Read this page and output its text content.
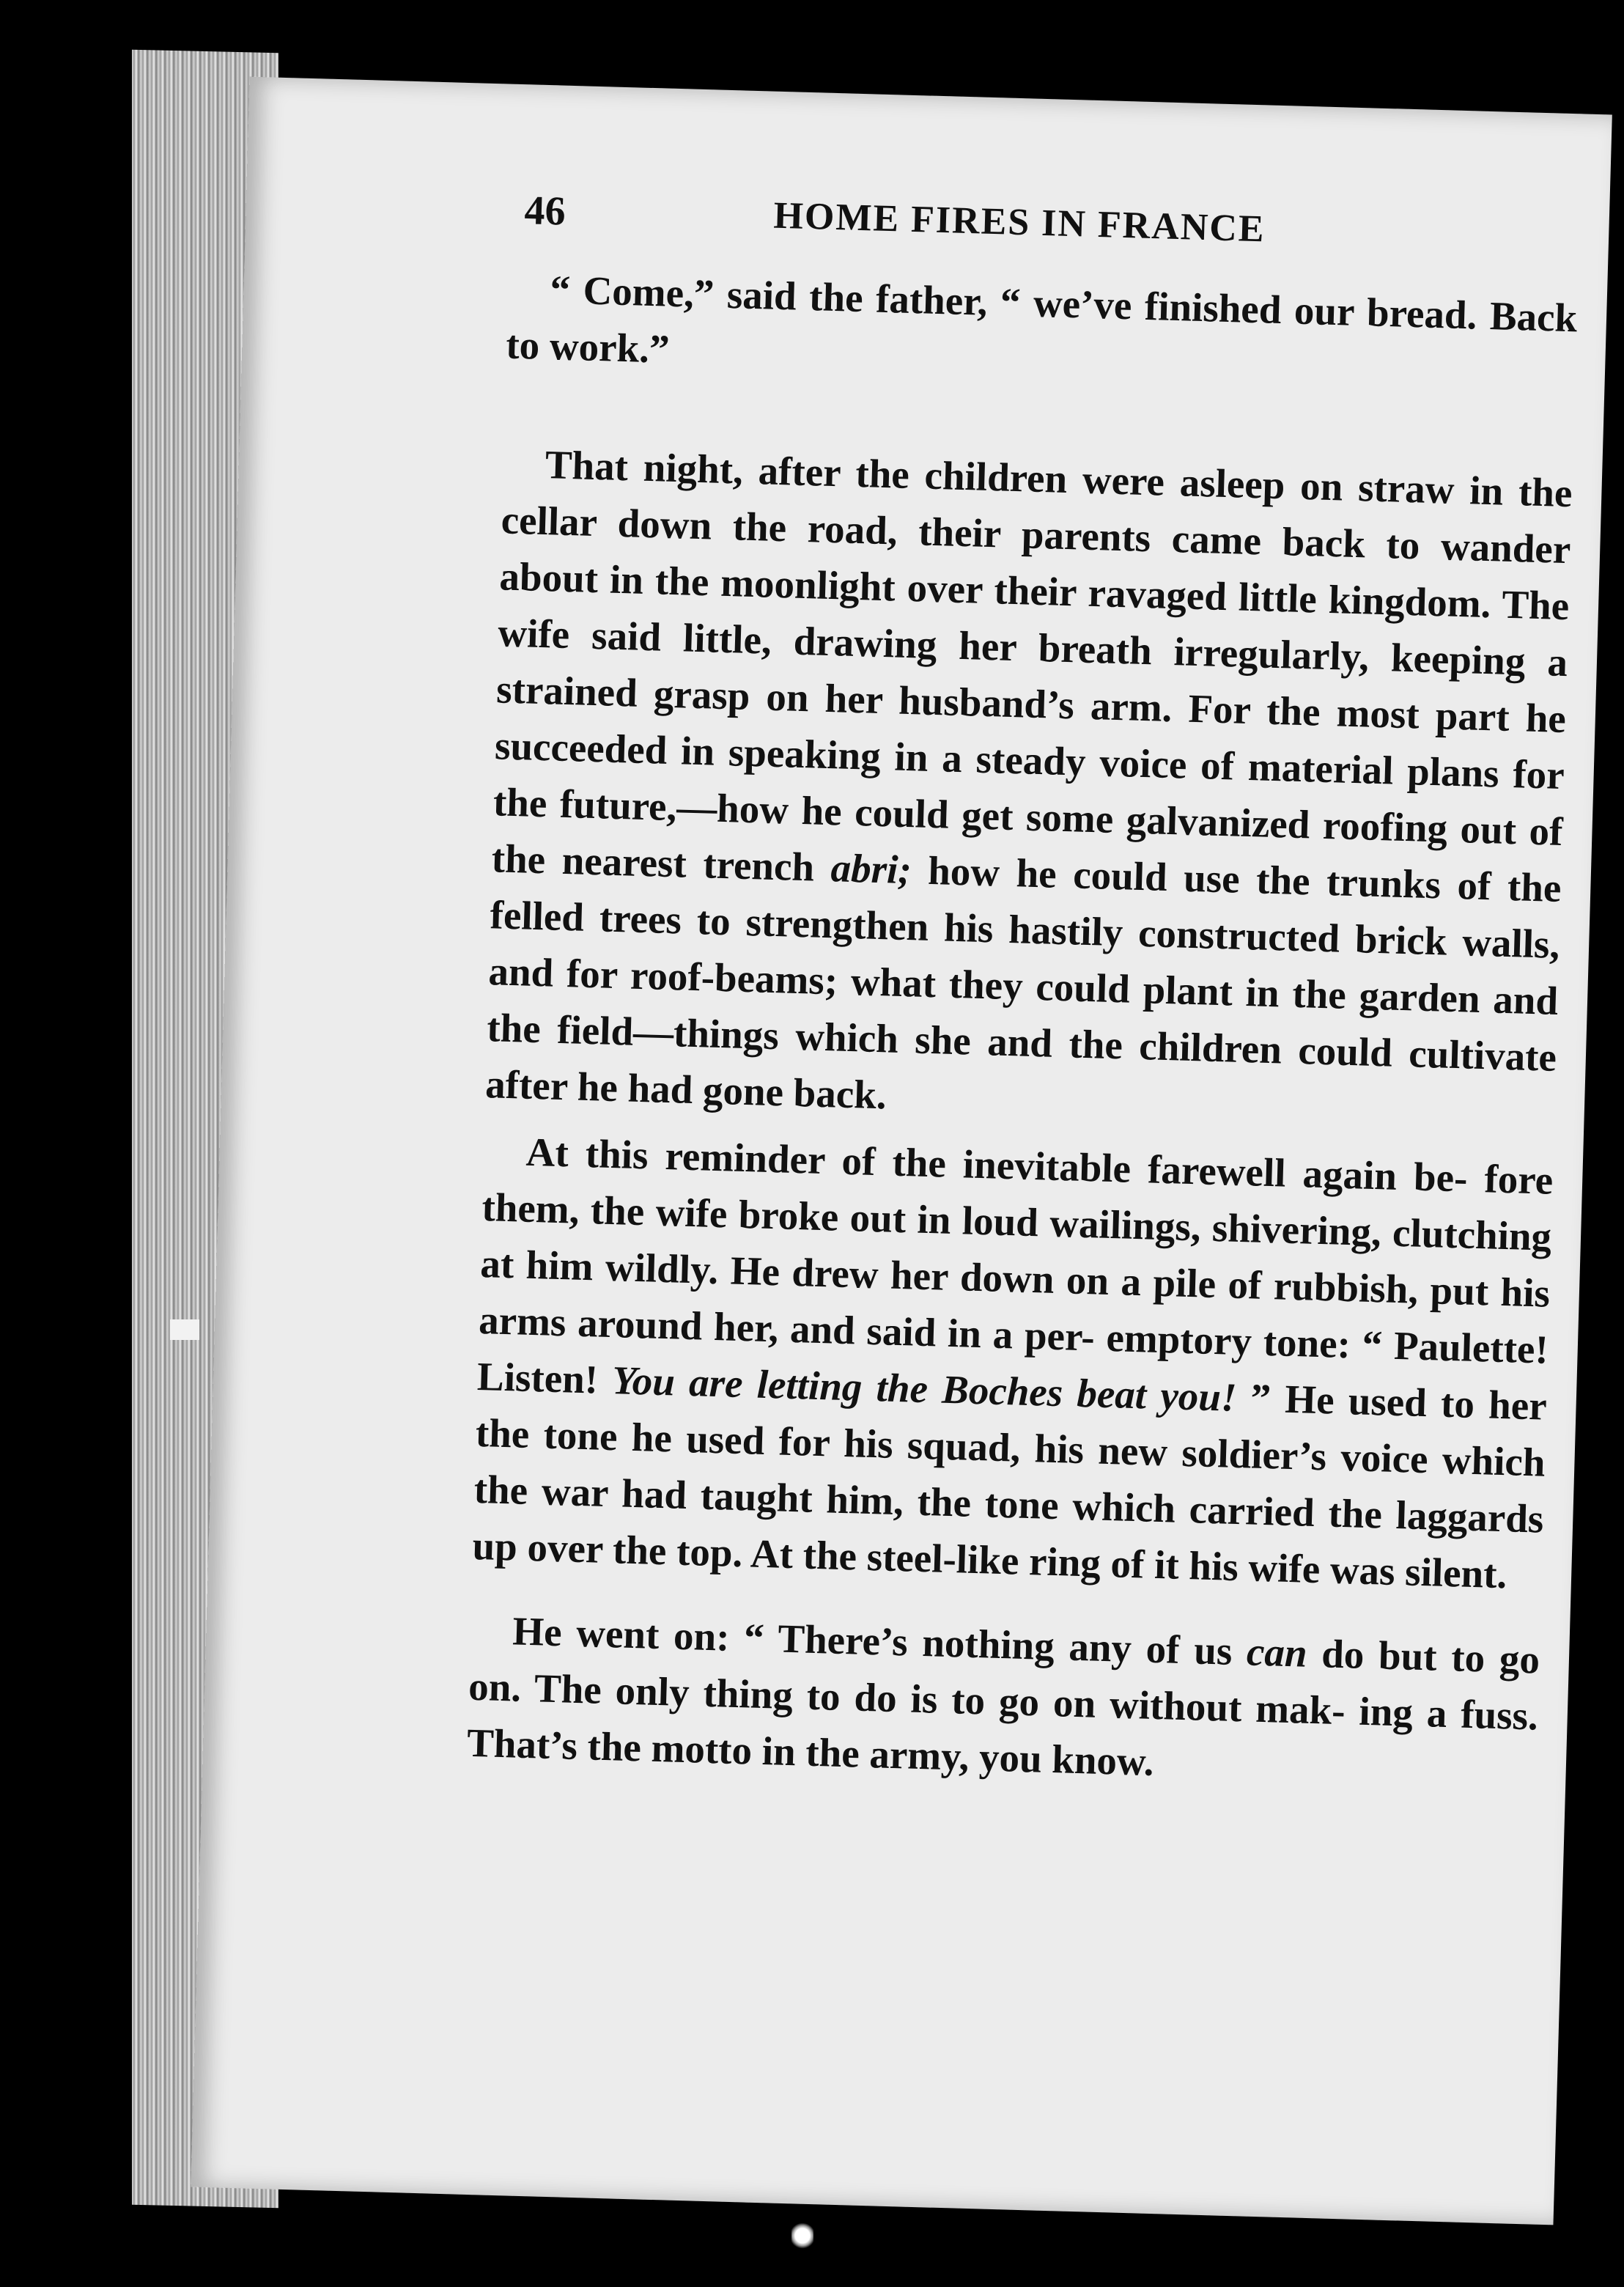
46	HOME FIRES IN FRANCE

“ Come,” said the father, “ we’ve finished our bread. Back to work.”

That night, after the children were asleep on straw in the cellar down the road, their parents came back to wander about in the moonlight over their ravaged little kingdom. The wife said little, drawing her breath irregularly, keeping a strained grasp on her husband’s arm. For the most part he succeeded in speaking in a steady voice of material plans for the future,—how he could get some galvanized roofing out of the nearest trench abri; how he could use the trunks of the felled trees to strengthen his hastily constructed brick walls, and for roof-beams; what they could plant in the garden and the field—things which she and the children could cultivate after he had gone back.

At this reminder of the inevitable farewell again be- fore them, the wife broke out in loud wailings, shivering, clutching at him wildly. He drew her down on a pile of rubbish, put his arms around her, and said in a per- emptory tone: “ Paulette! Listen! You are letting the Boches beat you! ” He used to her the tone he used for his squad, his new soldier’s voice which the war had taught him, the tone which carried the laggards up over the top. At the steel-like ring of it his wife was silent.

He went on: “ There’s nothing any of us can do but to go on. The only thing to do is to go on without mak- ing a fuss. That’s the motto in the army, you know.
